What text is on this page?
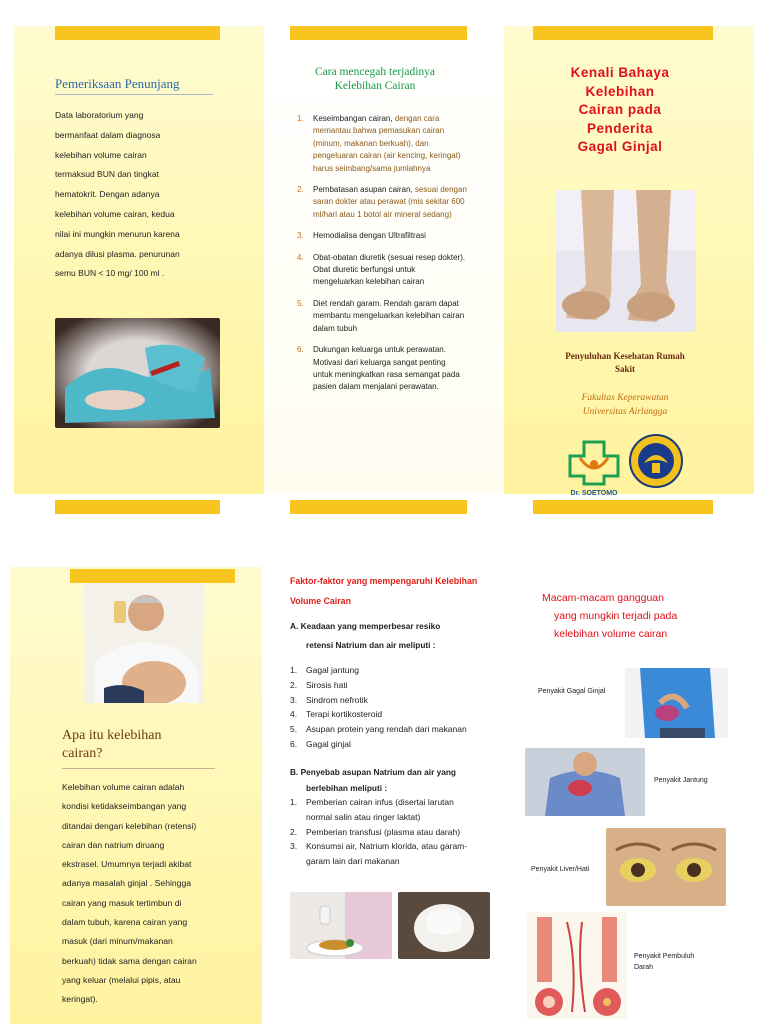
Pemeriksaan Penunjang
Data laboratorium yang
bermanfaat dalam diagnosa
kelebihan volume cairan
termaksud BUN dan tingkat
hematokrit. Dengan adanya
kelebihan volume cairan, kedua
nilai ini mungkin menurun karena
adanya dilusi plasma. penurunan
semu BUN < 10 mg/ 100 ml .
Cara mencegah terjadinya
Kelebihan Cairan
1. Keseimbangan cairan, dengan cara memantau bahwa pemasukan cairan (minum, makanan berkuah), dan pengeluaran cairan (air kencing, keringat) harus seimbang/sama jumlahnya
2. Pembatasan asupan cairan, sesuai dengan saran dokter atau perawat (mis sekitar 600 ml/hari atau 1 botol air mineral sedang)
3. Hemodialisa dengan Ultrafiltrasi
4. Obat-obatan diuretik (sesuai resep dokter). Obat diuretic berfungsi untuk mengeluarkan kelebihan cairan
5. Diet rendah garam. Rendah garam dapat membantu mengeluarkan kelebihan cairan dalam tubuh
6. Dukungan keluarga untuk perawatan. Motivasi dari keluarga sangat penting untuk meningkatkan rasa semangat pada pasien dalam menjalani perawatan.
Kenali Bahaya
Kelebihan
Cairan pada
Penderita
Gagal Ginjal
Penyuluhan Kesehatan Rumah
Sakit
Fakultas Keperawatan
Universitas Airlangga
Dr. SOETOMO
Apa itu kelebihan
cairan?
Kelebihan volume cairan adalah
kondisi ketidakseimbangan yang
ditandai dengan kelebihan (retensi)
cairan dan natrium diruang
ekstrasel. Umumnya terjadi akibat
adanya masalah ginjal . Sehingga
cairan yang masuk tertimbun di
dalam tubuh, karena cairan yang
masuk (dari minum/makanan
berkuah) tidak sama dengan cairan
yang keluar (melalui pipis, atau
keringat).
Faktor-faktor yang mempengaruhi Kelebihan
Volume Cairan
A. Keadaan yang memperbesar resiko
retensi Natrium dan air meliputi :
1. Gagal jantung
2. Sirosis hati
3. Sindrom nefrotik
4. Terapi kortikosteroid
5. Asupan protein yang rendah dari makanan
6. Gagal ginjal
B. Penyebab asupan Natrium dan air yang
berlebihan meliputi :
1. Pemberian cairan infus (disertai larutan
normal salin atau ringer laktat)
2. Pemberian transfusi (plasma atau darah)
3. Konsumsi air, Natrium klorida, atau garam-
garam lain dari makanan
Macam-macam gangguan
yang mungkin terjadi pada
kelebihan volume cairan
Penyakit Gagal Ginjal
Penyakit Jantung
Penyakit Liver/Hati
Penyakit Pembuluh
Darah
